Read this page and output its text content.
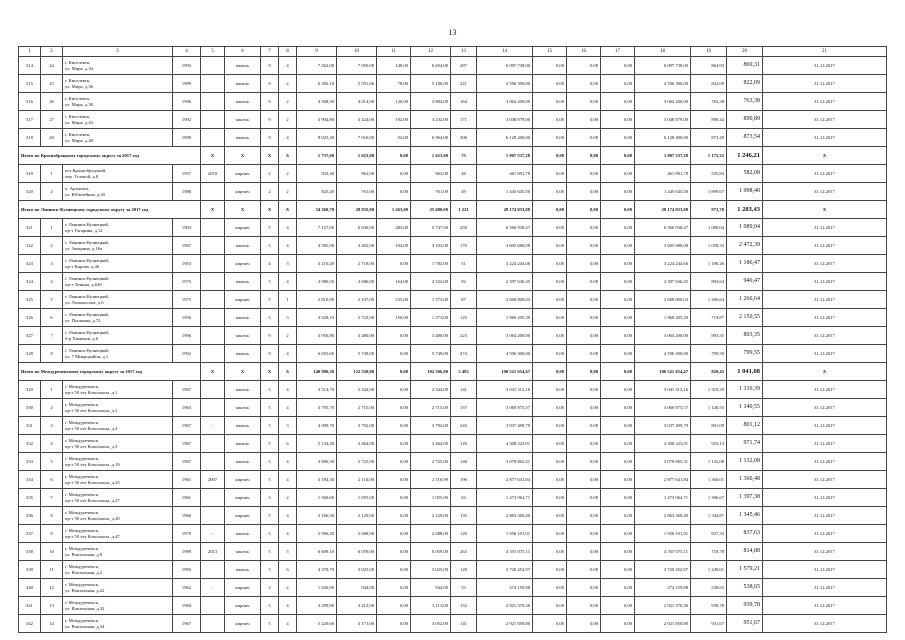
13
1	2	3	4	5	6	7	8	9	10	11	12	13	14	15	16	17	18	19	20	21
314	24	г. Киселевск,
ул. Мира, д.34	1993		панель	9	4	7 562,00	7 050,00	148,00	6 654,00	287	6 097 738,00	0,00	0,00	0,00	6 097 738,00	864,93	869,31	31.12.2017
315	25	г. Киселевск,
ул. Мира, д.36	1999		панель	9	2	6 382,10	5 591,06	78,00	5 186,00	221	4 596 390,00	0,00	0,00	0,00	4 596 390,00	822,09	822,09	31.12.2017
316	26	г. Киселевск,
ул. Мира, д.38	1996		панель	9	2	4 568,50	4 014,00	120,00	3 894,00	164	3 064 200,00	0,00	0,00	0,00	3 064 200,00	763,38	763,38	31.12.2017
317	27	г. Киселевск,
ул. Мира, д.43	1992		панель	9	2	3 904,80	3 424,00	192,00	3 232,00	171	3 048 879,00	0,00	0,00	0,00	3 048 879,00	890,44	890,89	31.12.2017
318	28	г. Киселевск,
ул. Мира, д.48	1990		панель	9	4	8 025,30	7 016,00	52,00	6 964,00	300	6 128 400,00	0,00	0,00	0,00	6 128 400,00	873,49	873,54	31.12.2017
Итого по Красноброцкому городскому округу за 2017 год				X	X	X	X	1 737,60	1 623,00	0,00	1 623,00	75	1 907 537,28	0,00	0,00	0,00	1 907 537,28	1 175,32	1 246,21	X
319	1	пгт Краснобродский,
пер. Угловой, д.8	1957	2010	кирпич	2	2	932,40	862,00	0,00	862,00	26	461 891,78	0,00	0,00	0,00	461 891,78	535,84	582,08	31.12.2017
320	2	п. Артышта,
ул. Юбилейная, д.20	1986		кирпич	2	2	825,20	761,00	0,00	761,00	49	1 445 645,50	0,00	0,00	0,00	1 445 645,50	1 899,67	1 998,40	31.12.2017
Итого по Ленинск-Кузнецкому городскому округу за 2017 год				X	X	X	X	34 360,70	28 935,00	1 263,00	25 680,00	1 221	28 174 033,08	0,00	0,00	0,00	28 174 033,08	973,70	1 283,43	X
321	1	г. Ленинск-Кузнецкий,
пр-т Гагарина, д.12	1993		кирпич	5	4	7 157,60	6 030,00	283,00	5 747,00	259	6 566 938,47	0,00	0,00	0,00	6 566 938,47	1 089,04	1 089,04	31.12.2017
322	2	г. Ленинск-Кузнецкий,
ул. Запарина, д.16а	1967		панель	5	4	4 585,00	3 492,00	104,00	3 102,00	170	3 605 686,08	0,00	0,00	0,00	3 605 686,08	1 058,33	2 472,39	31.12.2017
323	3	г. Ленинск-Кузнецкий,
пр-т Кирова, д.46	1953		кирпич	4	3	3 210,20	2 718,00	0,00	1 784,00	51	3 224 244,66	0,00	0,00	0,00	3 224 244,66	1 186,26	1 186,47	31.12.2017
324	4	г. Ленинск-Кузнецкий,
пр-т Ленина, д.63б	1975		панель	5	4	2 980,50	2 686,00	164,00	2 522,00	92	2 397 636,45	0,00	0,00	0,00	2 397 636,45	892,64	940,47	31.12.2017
325	5	г. Ленинск-Кузнецкий,
ул. Ломоносова, д.6	1975		кирпич	5	1	2 810,90	2 107,00	535,00	1 573,00	87	2 668 800,03	0,00	0,00	0,00	2 668 800,03	1 266,64	1 266,64	31.12.2017
326	6	г. Ленинск-Кузнецкий,
ул. Пушкина, д.72	1956		панель	5	3	3 028,10	2 723,00	150,00	1 573,00	125	1 960 205,39	0,00	0,00	0,00	1 960 205,39	719,87	2 150,55	31.12.2017
327	7	г. Ленинск-Кузнецкий,
б-р Химиков, д.6	1996		панель	9	2	3 956,80	3 480,00	0,00	3 480,00	223	3 064 200,00	0,00	0,00	0,00	3 064 200,00	893,35	893,35	31.12.2017
328	8	г. Ленинск-Кузнецкий,
ул. 7 Микрорайон, д.1	1992		панель	9	4	6 655,60	5 749,00	0,00	5 749,00	274	4 596 300,00	0,00	0,00	0,00	4 596 300,00	799,50	799,55	31.12.2017
Итого по Междуреченскому городскому округу за 2017 год				X	X	X	X	140 980,30	122 520,00	0,00	102 506,00	5 483	100 521 654,47	0,00	0,00	0,00	100 521 654,47	820,45	1 041,08	X
329	1	г. Междуреченск,
пр-т 50 лет Комсомола, д.1	1967		панель	5	4	3 514,70	2 344,00	0,00	2 344,00	141	3 041 312,16	0,00	0,00	0,00	3 041 312,16	1 310,39	1 310,39	31.12.2017
330	2	г. Междуреченск,
пр-т 50 лет Комсомола, д.2	1963		панель	5	4	3 795,70	2 715,00	0,00	2 715,00	157	3 060 875,57	0,00	0,00	0,00	3 060 875,57	1 140,55	1 140,55	31.12.2017
331	3	г. Междуреченск,
пр-т 50 лет Комсомола, д.4	1967	-	панель	5	3	4 099,70	3 792,00	0,00	3 792,00	243	3 037 499,79	0,00	0,00	0,00	3 037 499,79	801,09	801,12	31.12.2017
332	4	г. Междуреченск,
пр-т 50 лет Комсомола, д.5	1967		панель	5	6	5 134,40	3 464,00	0,00	3 464,00	120	4 308 323,91	0,00	0,00	0,00	4 308 323,91	953,13	971,74	31.12.2017
333	5	г. Междуреченск,
пр-т 50 лет Комсомола, д.19	1967		панель	5	4	3 806,50	2 725,00	0,00	2 725,00	148	3 078 865,31	0,00	0,00	0,00	3 078 865,31	1 132,08	1 132,08	31.12.2017
334	6	г. Междуреченск,
пр-т 50 лет Комсомола, д.25	1961	2007	кирпич	5	4	3 184,30	2 116,00	0,00	2 116,99	196	2 877 641,84	0,00	0,00	0,00	2 877 641,84	1 360,01	1 360,48	31.12.2017
335	7	г. Междуреченск,
пр-т 50 лет Комсомола, д.27	1961		кирпич	3	2	1 560,60	1 055,00	0,00	1 055,00	63	1 473 064,71	0,00	0,00	0,00	1 473 064,71	1 396,67	1 397,38	31.12.2017
336	8	г. Междуреченск,
пр-т 50 лет Комсомола, д.28	1966		кирпич	5	4	3 166,50	2 129,00	0,00	2 129,00	135	2 863 360,40	0,00	0,00	0,00	2 863 360,40	1 344,87	1 345,46	31.12.2017
337	9	г. Междуреченск,
пр-т 50 лет Комсомола, д.47	1970	-	панель	5	4	2 996,20	2 688,00	0,00	2 688,00	120	1 956 101,91	0,00	0,00	0,00	1 956 101,91	837,33	837,63	31.12.2017
338	10	г. Междуреченск,
ул. Вокзальная, д.9	1989	2013	панель	5	5	6 609,10	6 059,00	0,00	6 059,00	263	4 355 075,11	0,00	0,00	0,00	4 355 075,11	718,78	814,88	31.12.2017
339	11	г. Междуреченск,
ул. Вокзальная, д.2	1983		панель	5	6	4 370,70	3 025,00	0,00	3 025,09	128	3 720 452,97	0,00	0,00	0,00	3 720 452,97	1 249,01	1 579,21	31.12.2017
340	12	г. Междуреченск,
ул. Вокзальная, д.22	1962	-	кирпич	3	2	1 026,90	944,00	0,00	944,00	53	274 159,88	0,00	0,00	0,00	274 159,88	538,65	538,65	31.12.2017
341	13	г. Междуреченск,
ул. Вокзальная, д.32	1984		кирпич	5	4	3 299,80	3 212,00	0,00	3 113,00	152	2 921 370,36	0,00	0,00	0,00	2 921 370,36	939,78	939,78	31.12.2017
342	14	г. Междуреченск,
ул. Вокзальная, д.34	1967		кирпич	5	4	5 220,60	3 171,00	0,00	3 052,00	141	2 921 850,80	0,00	0,00	0,00	2 921 850,80	931,67	951,67	31.12.2017
